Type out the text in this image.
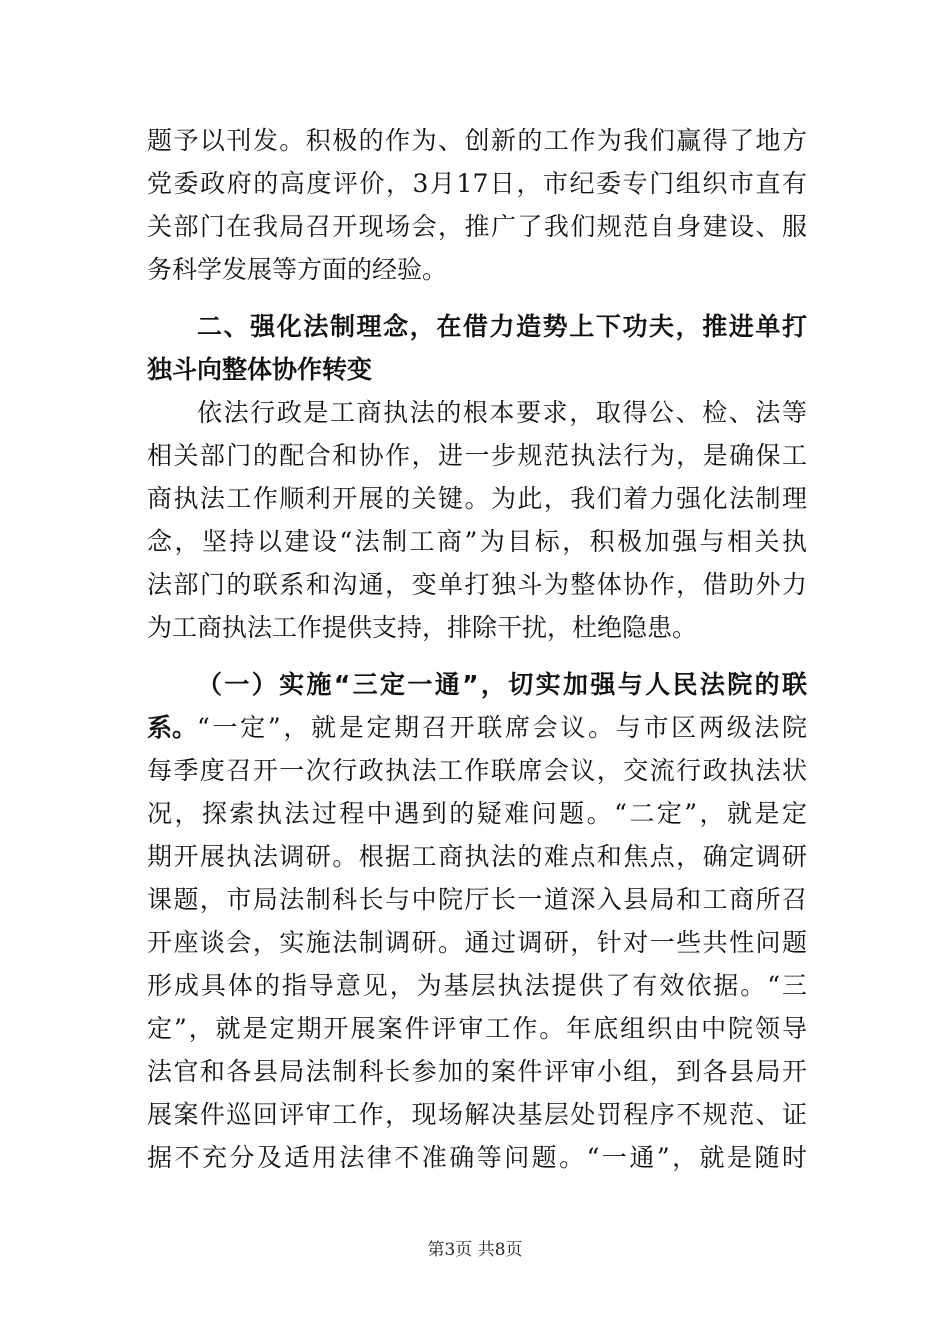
题予以刊发。积极的作为、创新的工作为我们赢得了地方
党委政府的高度评价，3月17日，市纪委专门组织市直有
关部门在我局召开现场会，推广了我们规范自身建设、服
务科学发展等方面的经验。
二、强化法制理念，在借力造势上下功夫，推进单打
独斗向整体协作转变
依法行政是工商执法的根本要求，取得公、检、法等
相关部门的配合和协作，进一步规范执法行为，是确保工
商执法工作顺利开展的关键。为此，我们着力强化法制理
念，坚持以建设“法制工商”为目标，积极加强与相关执
法部门的联系和沟通，变单打独斗为整体协作，借助外力
为工商执法工作提供支持，排除干扰，杜绝隐患。
（一）实施“三定一通”，切实加强与人民法院的联
系。 “一定”，就是定期召开联席会议。与市区两级法院
每季度召开一次行政执法工作联席会议，交流行政执法状
况，探索执法过程中遇到的疑难问题。“二定”，就是定
期开展执法调研。根据工商执法的难点和焦点，确定调研
课题，市局法制科长与中院厅长一道深入县局和工商所召
开座谈会，实施法制调研。通过调研，针对一些共性问题
形成具体的指导意见，为基层执法提供了有效依据。“三
定”，就是定期开展案件评审工作。年底组织由中院领导
法官和各县局法制科长参加的案件评审小组，到各县局开
展案件巡回评审工作，现场解决基层处罚程序不规范、证
据不充分及适用法律不准确等问题。“一通”，就是随时
第3页 共8页
